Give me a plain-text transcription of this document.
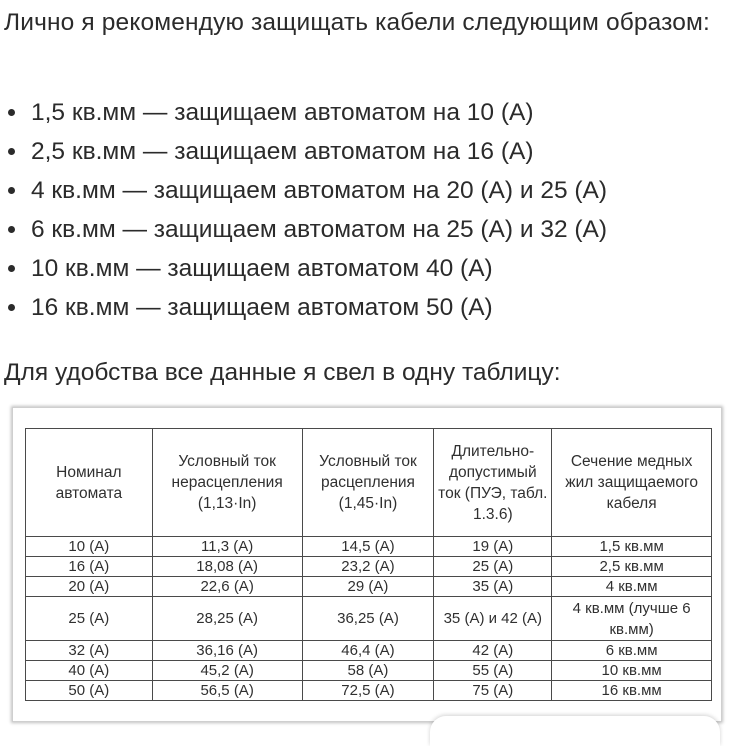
Лично я рекомендую защищать кабели следующим образом:

1,5 кв.мм — защищаем автоматом на 10 (А)
2,5 кв.мм — защищаем автоматом на 16 (А)
4 кв.мм — защищаем автоматом на 20 (А) и 25 (А)
6 кв.мм — защищаем автоматом на 25 (А) и 32 (А)
10 кв.мм — защищаем автоматом 40 (А)
16 кв.мм — защищаем автоматом 50 (А)

Для удобства все данные я свел в одну таблицу:

Номинал автомата	Условный ток нерасцепления (1,13·In)	Условный ток расцепления (1,45·In)	Длительно-допустимый ток (ПУЭ, табл. 1.3.6)	Сечение медных жил защищаемого кабеля
10 (А)	11,3 (А)	14,5 (А)	19 (А)	1,5 кв.мм
16 (А)	18,08 (А)	23,2 (А)	25 (А)	2,5 кв.мм
20 (А)	22,6 (А)	29 (А)	35 (А)	4 кв.мм
25 (А)	28,25 (А)	36,25 (А)	35 (А) и 42 (А)	4 кв.мм (лучше 6 кв.мм)
32 (А)	36,16 (А)	46,4 (А)	42 (А)	6 кв.мм
40 (А)	45,2 (А)	58 (А)	55 (А)	10 кв.мм
50 (А)	56,5 (А)	72,5 (А)	75 (А)	16 кв.мм
